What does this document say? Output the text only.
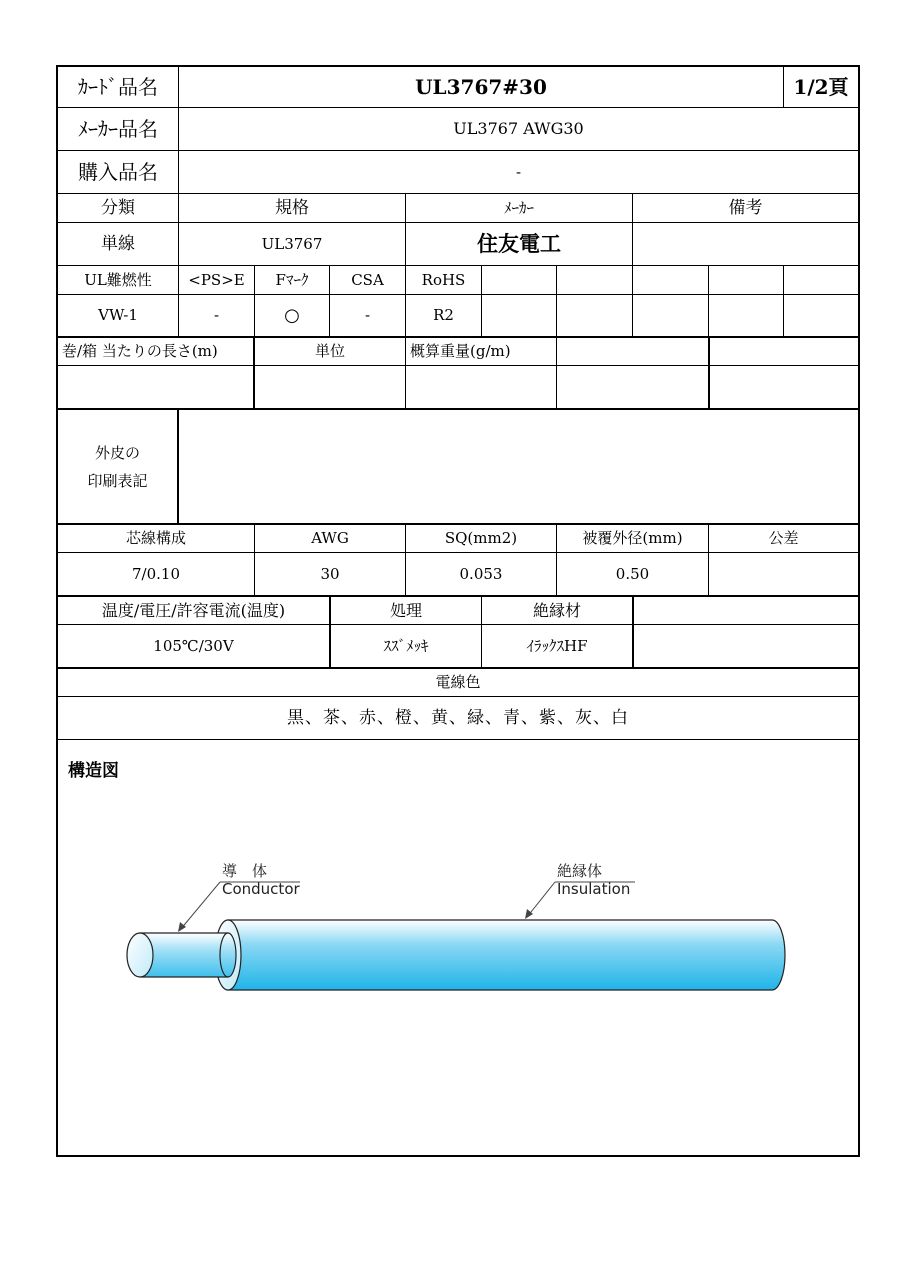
ｶｰﾄﾞ品名	UL3767#30	1/2頁
ﾒｰｶｰ品名	UL3767 AWG30
購入品名	-
分類	規格	ﾒｰｶｰ	備考
単線	UL3767	住友電工
UL難燃性	<PS>E	Fﾏｰｸ	CSA	RoHS
VW-1	-	○	-	R2
巻/箱 当たりの長さ(m)	単位	概算重量(g/m)
外皮の
印刷表記
芯線構成	AWG	SQ(mm2)	被覆外径(mm)	公差
7/0.10	30	0.053	0.50
温度/電圧/許容電流(温度)	処理	絶縁材
105℃/30V	ｽｽﾞﾒｯｷ	ｲﾗｯｸｽHF
電線色
黒、茶、赤、橙、黄、緑、青、紫、灰、白
構造図
導　体
Conductor
絶縁体
Insulation
